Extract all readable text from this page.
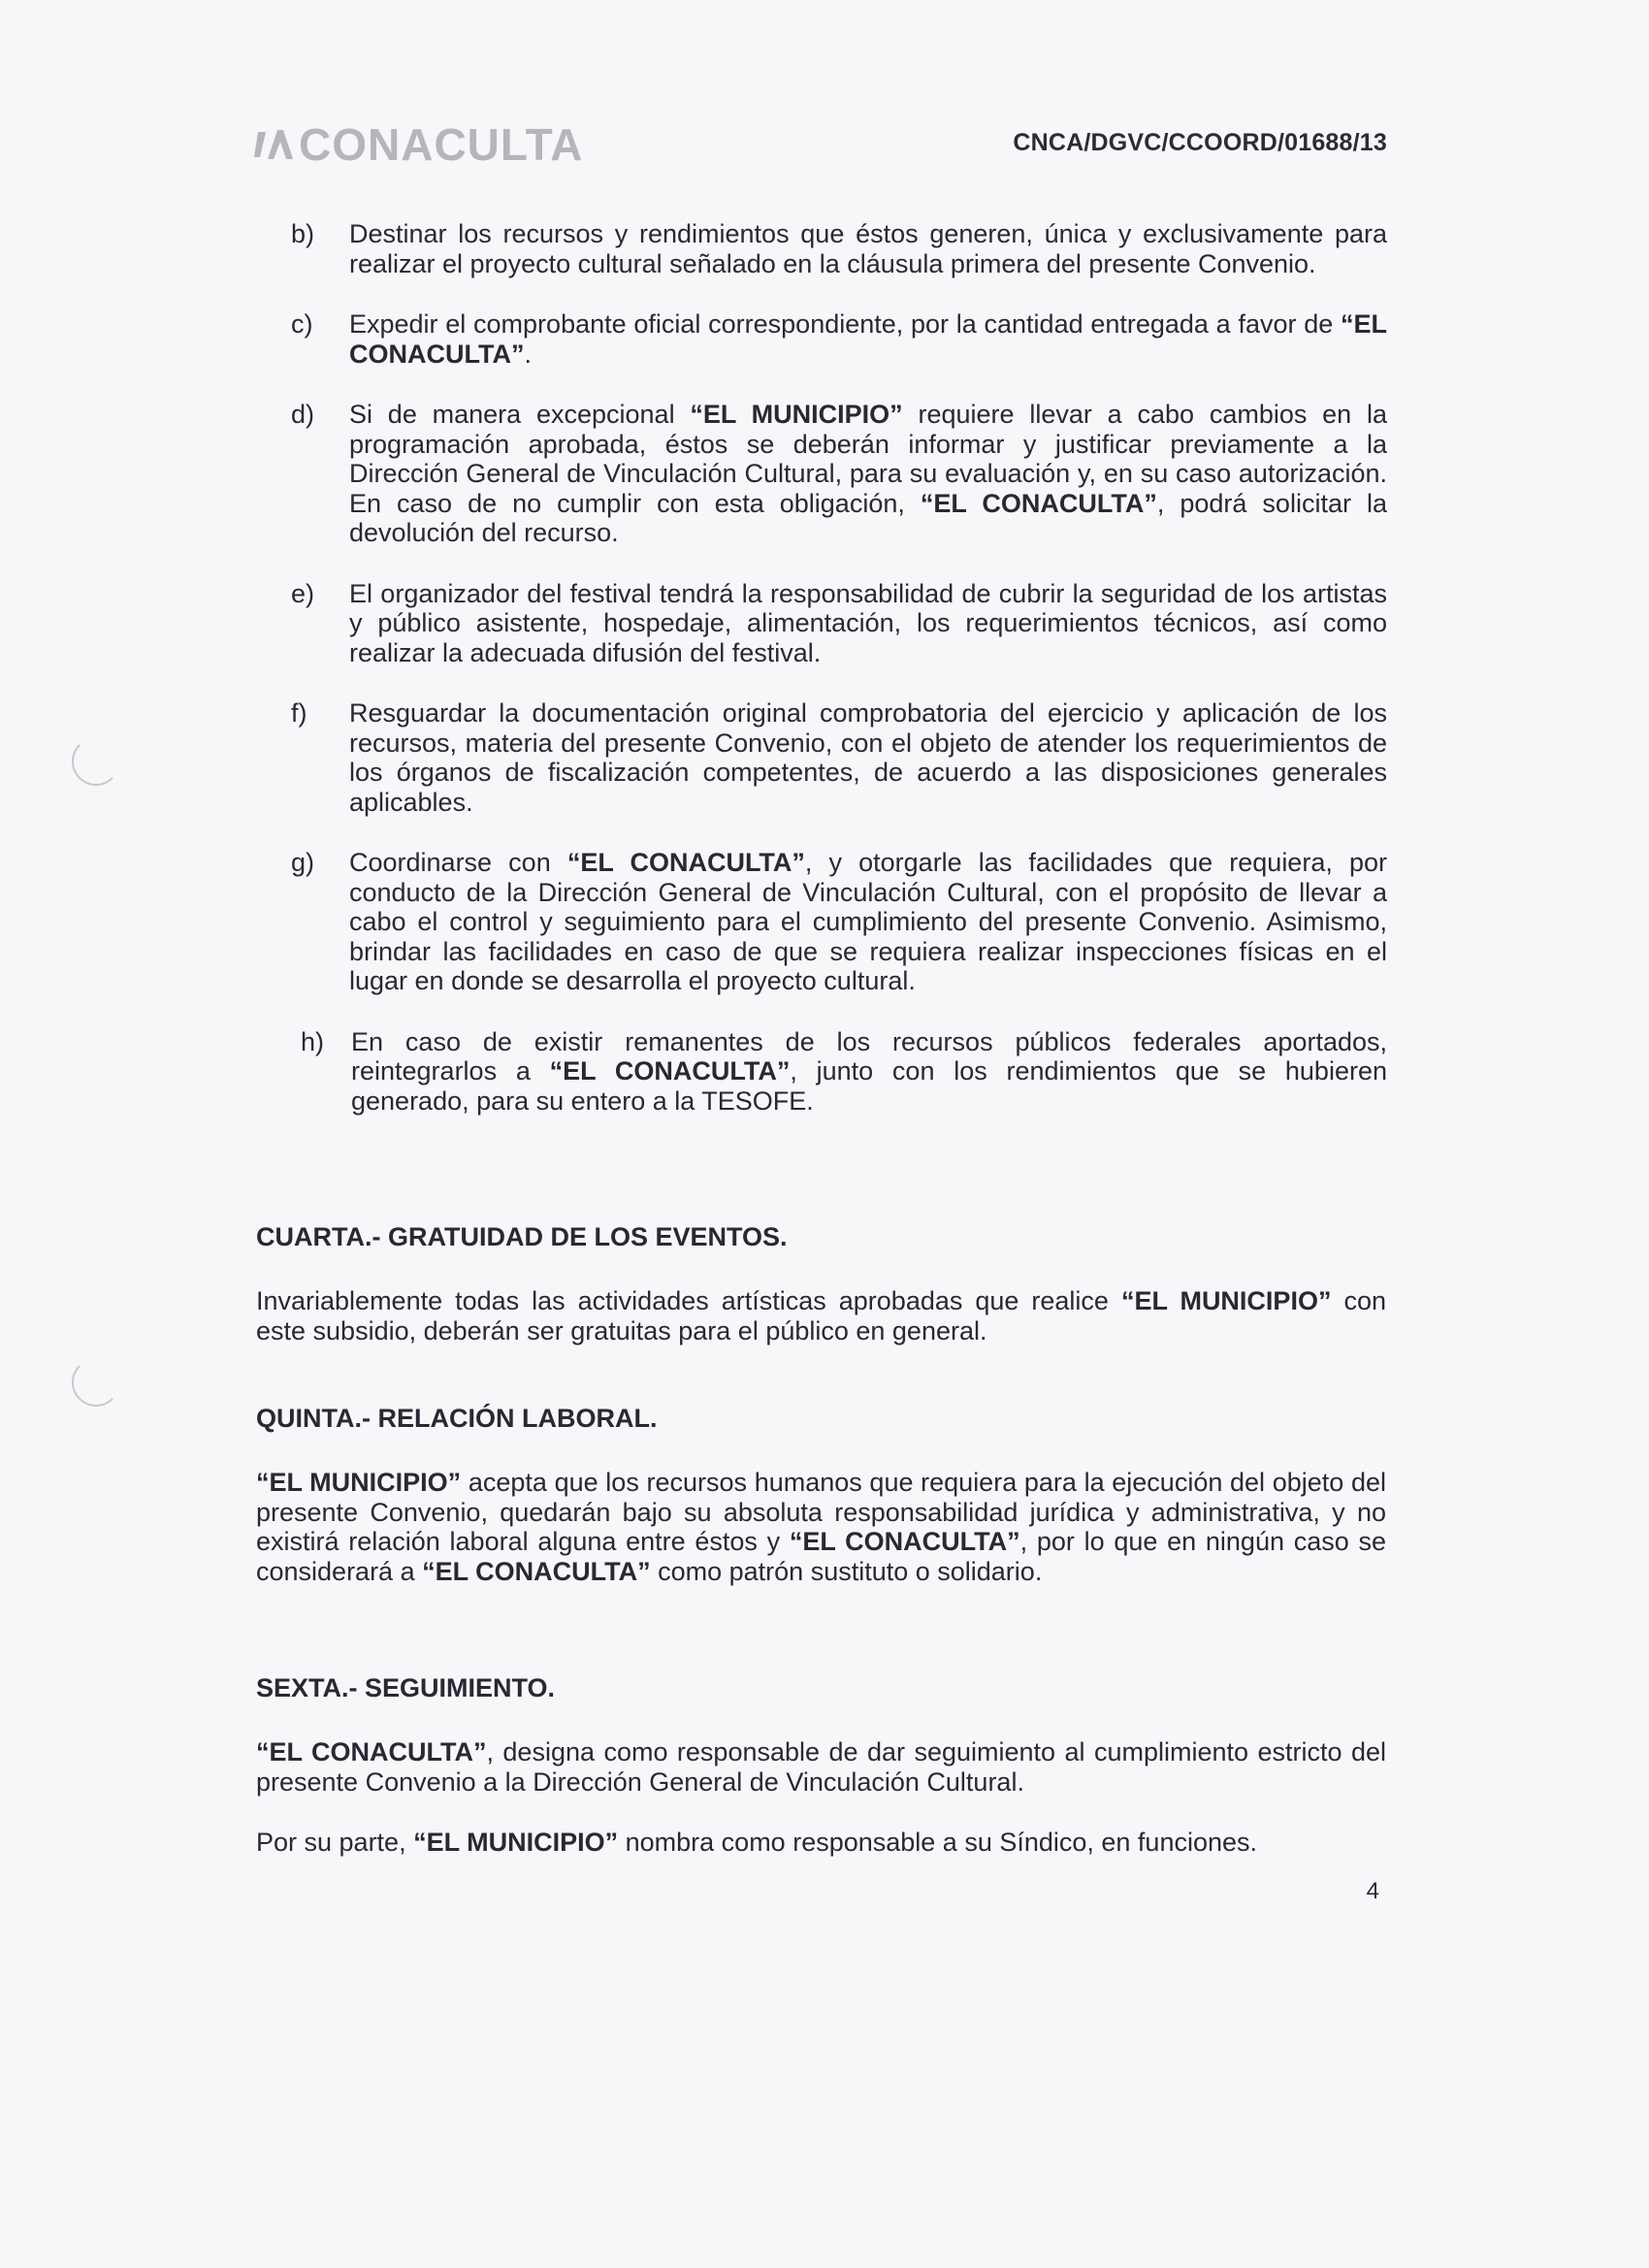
CONACULTA	CNCA/DGVC/CCOORD/01688/13
b)	Destinar los recursos y rendimientos que éstos generen, única y exclusivamente para realizar el proyecto cultural señalado en la cláusula primera del presente Convenio.
c)	Expedir el comprobante oficial correspondiente, por la cantidad entregada a favor de “EL CONACULTA”.
d)	Si de manera excepcional “EL MUNICIPIO” requiere llevar a cabo cambios en la programación aprobada, éstos se deberán informar y justificar previamente a la Dirección General de Vinculación Cultural, para su evaluación y, en su caso autorización. En caso de no cumplir con esta obligación, “EL CONACULTA”, podrá solicitar la devolución del recurso.
e)	El organizador del festival tendrá la responsabilidad de cubrir la seguridad de los artistas y público asistente, hospedaje, alimentación, los requerimientos técnicos, así como realizar la adecuada difusión del festival.
f)	Resguardar la documentación original comprobatoria del ejercicio y aplicación de los recursos, materia del presente Convenio, con el objeto de atender los requerimientos de los órganos de fiscalización competentes, de acuerdo a las disposiciones generales aplicables.
g)	Coordinarse con “EL CONACULTA”, y otorgarle las facilidades que requiera, por conducto de la Dirección General de Vinculación Cultural, con el propósito de llevar a cabo el control y seguimiento para el cumplimiento del presente Convenio. Asimismo, brindar las facilidades en caso de que se requiera realizar inspecciones físicas en el lugar en donde se desarrolla el proyecto cultural.
h)	En caso de existir remanentes de los recursos públicos federales aportados, reintegrarlos a “EL CONACULTA”, junto con los rendimientos que se hubieren generado, para su entero a la TESOFE.
CUARTA.- GRATUIDAD DE LOS EVENTOS.
Invariablemente todas las actividades artísticas aprobadas que realice “EL MUNICIPIO” con este subsidio, deberán ser gratuitas para el público en general.
QUINTA.- RELACIÓN LABORAL.
“EL MUNICIPIO” acepta que los recursos humanos que requiera para la ejecución del objeto del presente Convenio, quedarán bajo su absoluta responsabilidad jurídica y administrativa, y no existirá relación laboral alguna entre éstos y “EL CONACULTA”, por lo que en ningún caso se considerará a “EL CONACULTA” como patrón sustituto o solidario.
SEXTA.- SEGUIMIENTO.
“EL CONACULTA”, designa como responsable de dar seguimiento al cumplimiento estricto del presente Convenio a la Dirección General de Vinculación Cultural.
Por su parte, “EL MUNICIPIO” nombra como responsable a su Síndico, en funciones.
4
